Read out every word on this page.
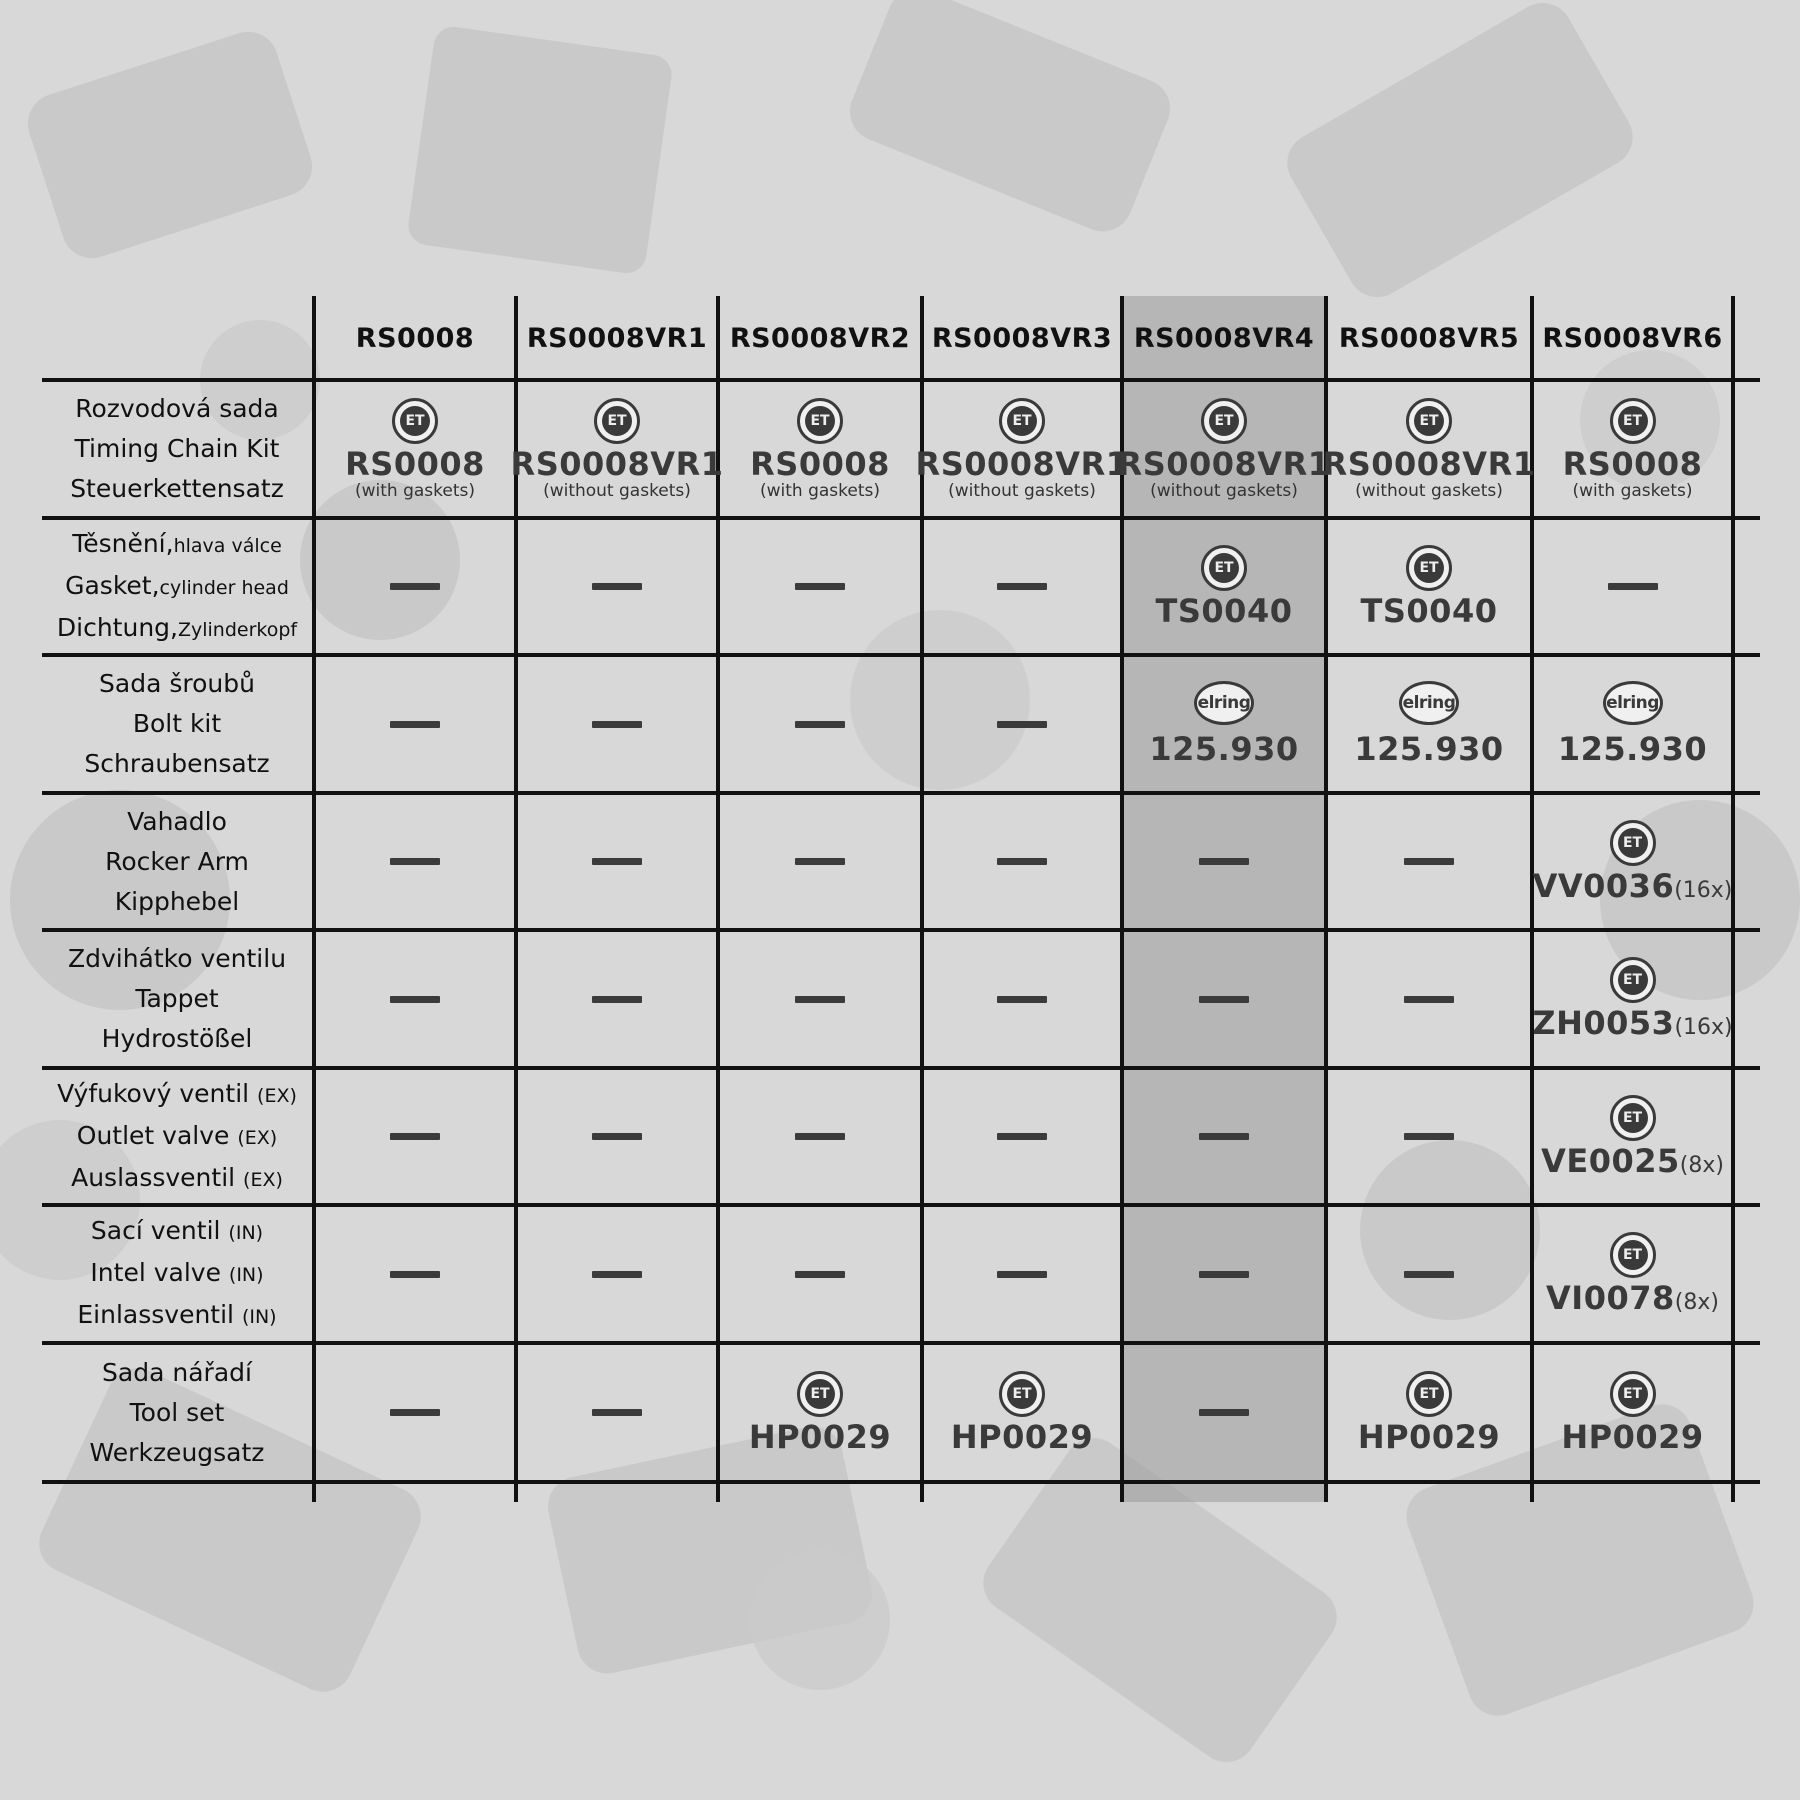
RS0008	RS0008VR1 RS0008VR2 RS0008VR3 RS0008VR4 RS0008VR5 RS0008VR6
Rozvodová sada
Timing Chain Kit
Steuerkettensatz
ET
RS0008
(with gaskets)
ET
RS0008VR1
(without gaskets)
ET
RS0008
(with gaskets)
ET
RS0008VR1
(without gaskets)
ET
RS0008VR1
(without gaskets)
ET
RS0008VR1
(without gaskets)
ET
RS0008
(with gaskets)
Těsnění,hlava válce
Gasket,cylinder head
Dichtung,Zylinderkopf
ET
TS0040
ET
TS0040
Sada šroubů
Bolt kit
Schraubensatz
elring
125.930
elring
125.930
elring
125.930
Vahadlo
Rocker Arm
Kipphebel
ET
VV0036(16x)
Zdvihátko ventilu
Tappet
Hydrostößel
ET
ZH0053(16x)
Výfukový ventil (EX)
Outlet valve (EX)
Auslassventil (EX)
ET
VE0025(8x)
Sací ventil (IN)
Intel valve (IN)
Einlassventil (IN)
ET
VI0078(8x)
Sada nářadí
Tool set
Werkzeugsatz
ET
HP0029
ET
HP0029
ET
HP0029
ET
HP0029
